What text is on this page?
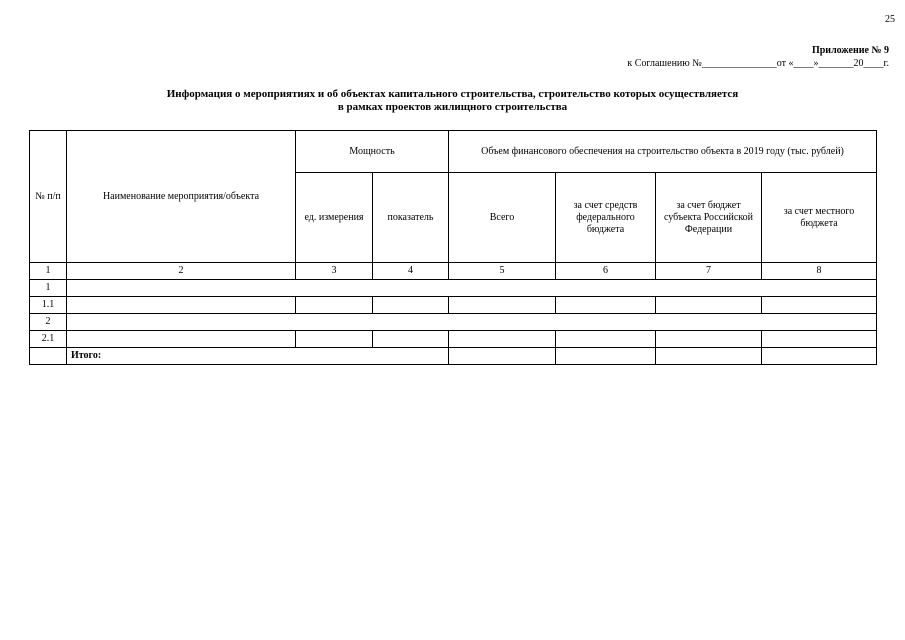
25
Приложение № 9
к Соглашению №_______________от «____»_______20____г.
Информация о мероприятиях и об объектах капитального строительства, строительство которых осуществляется
в рамках проектов жилищного строительства
№ п/п	Наименование мероприятия/объекта	Мощность		Объем финансового обеспечения на строительство объекта в 2019 году (тыс. рублей)			
		ед. измерения	показатель	Всего	за счет средств федерального бюджета	за счет бюджет субъекта Российской Федерации	за счет местного бюджета
1	2	3	4	5	6	7	8
1							
1.1							
2							
2.1							
	Итого:						
